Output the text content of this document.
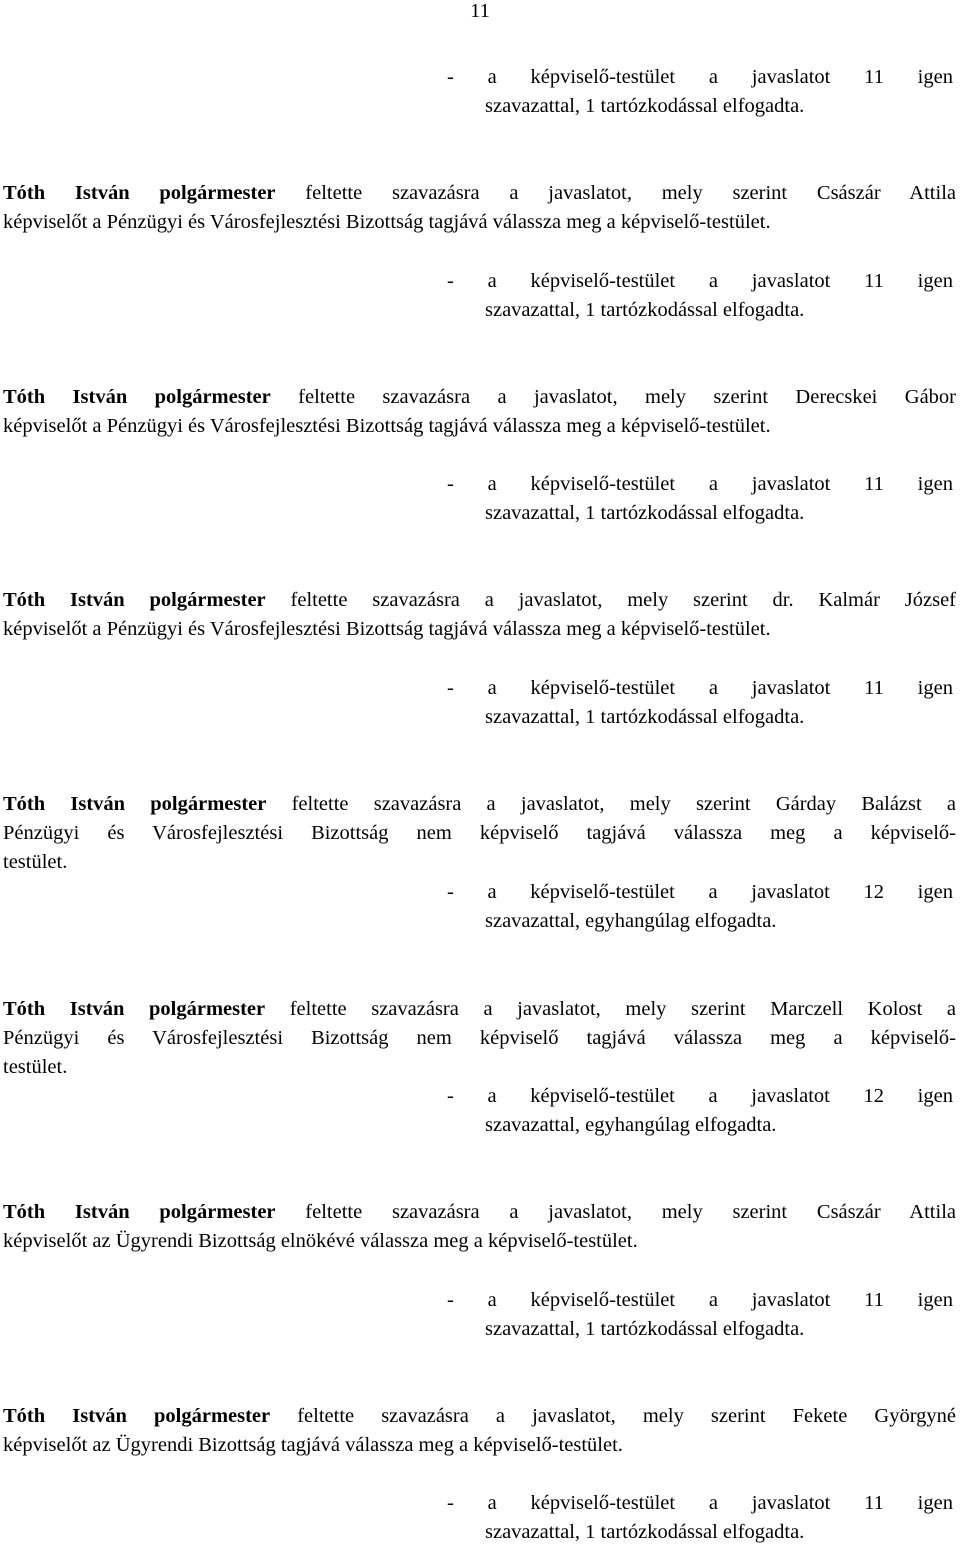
11
- a képviselő-testület a javaslatot 11 igen
szavazattal, 1 tartózkodással elfogadta.
Tóth István polgármester feltette szavazásra a javaslatot, mely szerint Császár Attila
képviselőt a Pénzügyi és Városfejlesztési Bizottság tagjává válassza meg a képviselő-testület.
- a képviselő-testület a javaslatot 11 igen
szavazattal, 1 tartózkodással elfogadta.
Tóth István polgármester feltette szavazásra a javaslatot, mely szerint Derecskei Gábor
képviselőt a Pénzügyi és Városfejlesztési Bizottság tagjává válassza meg a képviselő-testület.
- a képviselő-testület a javaslatot 11 igen
szavazattal, 1 tartózkodással elfogadta.
Tóth István polgármester feltette szavazásra a javaslatot, mely szerint dr. Kalmár József
képviselőt a Pénzügyi és Városfejlesztési Bizottság tagjává válassza meg a képviselő-testület.
- a képviselő-testület a javaslatot 11 igen
szavazattal, 1 tartózkodással elfogadta.
Tóth István polgármester feltette szavazásra a javaslatot, mely szerint Gárday Balázst a
Pénzügyi és Városfejlesztési Bizottság nem képviselő tagjává válassza meg a képviselő-
testület.
- a képviselő-testület a javaslatot 12 igen
szavazattal, egyhangúlag elfogadta.
Tóth István polgármester feltette szavazásra a javaslatot, mely szerint Marczell Kolost a
Pénzügyi és Városfejlesztési Bizottság nem képviselő tagjává válassza meg a képviselő-
testület.
- a képviselő-testület a javaslatot 12 igen
szavazattal, egyhangúlag elfogadta.
Tóth István polgármester feltette szavazásra a javaslatot, mely szerint Császár Attila
képviselőt az Ügyrendi Bizottság elnökévé válassza meg a képviselő-testület.
- a képviselő-testület a javaslatot 11 igen
szavazattal, 1 tartózkodással elfogadta.
Tóth István polgármester feltette szavazásra a javaslatot, mely szerint Fekete Györgyné
képviselőt az Ügyrendi Bizottság tagjává válassza meg a képviselő-testület.
- a képviselő-testület a javaslatot 11 igen
szavazattal, 1 tartózkodással elfogadta.
